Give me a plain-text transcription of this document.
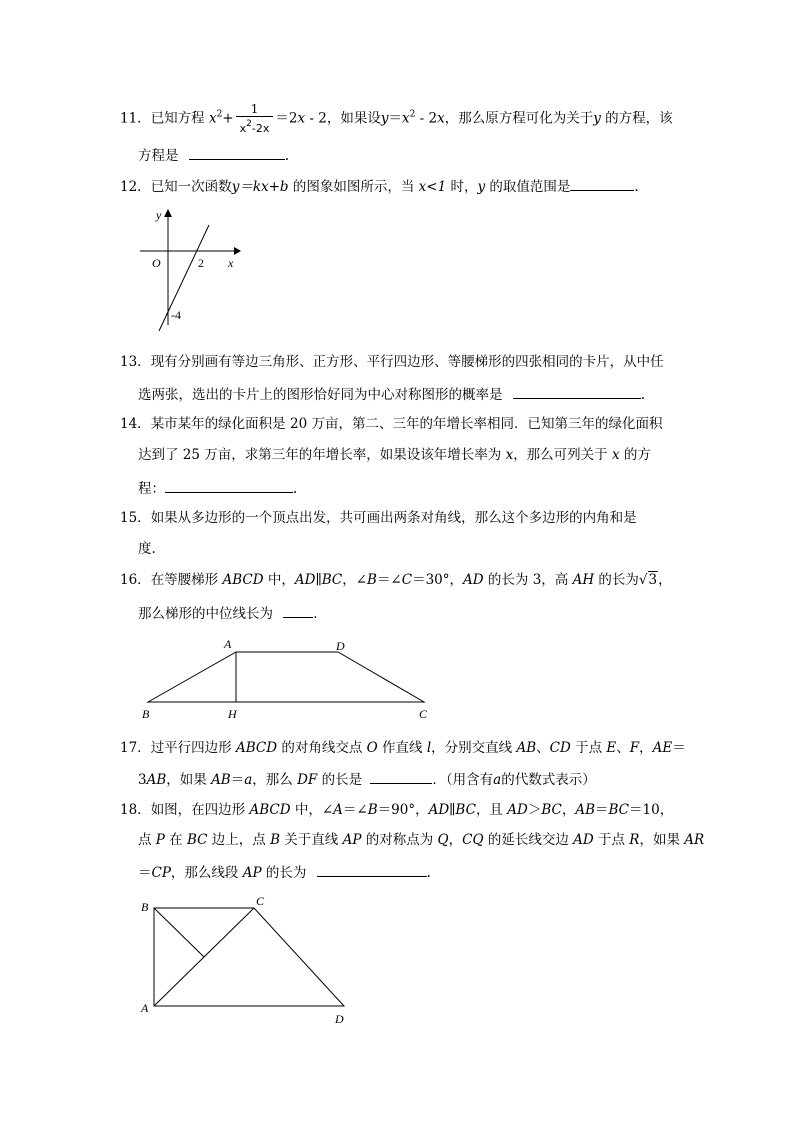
11．已知方程 $x^2+ \frac{1}{x^2-2x} =2x - 2$，如果设$y=x^2 - 2x$，那么原方程可化为关于y 的方程，该
方程是	.
12．已知一次函数y＝kx+b 的图象如图所示，当 x<1 时，y 的取值范围是	.
y
x
O	2
-4
13．现有分别画有等边三角形、正方形、平行四边形、等腰梯形的四张相同的卡片，从中任
选两张，选出的卡片上的图形恰好同为中心对称图形的概率是	.
14．某市某年的绿化面积是 20 万亩，第二、三年的年增长率相同．已知第三年的绿化面积
达到了 25 万亩，求第三年的年增长率，如果设该年增长率为 x，那么可列关于 x 的方
程：	.
15．如果从多边形的一个顶点出发，共可画出两条对角线，那么这个多边形的内角和是
度.
16．在等腰梯形 ABCD 中，AD∥BC，∠B＝∠C＝30°，AD 的长为 3，高 AH 的长为√3，
那么梯形的中位线长为	.
A	D
B	H	C
17．过平行四边形 ABCD 的对角线交点 O 作直线 l，分别交直线 AB、CD 于点 E、F，AE＝
3AB，如果 AB＝a，那么 DF 的长是	．（用含有a的代数式表示）
18．如图，在四边形 ABCD 中，∠A＝∠B＝90°，AD∥BC，且 AD＞BC，AB＝BC＝10，
点 P 在 BC 边上，点 B 关于直线 AP 的对称点为 Q，CQ 的延长线交边 AD 于点 R，如果 AR
＝CP，那么线段 AP 的长为	.
B	C
A
D
